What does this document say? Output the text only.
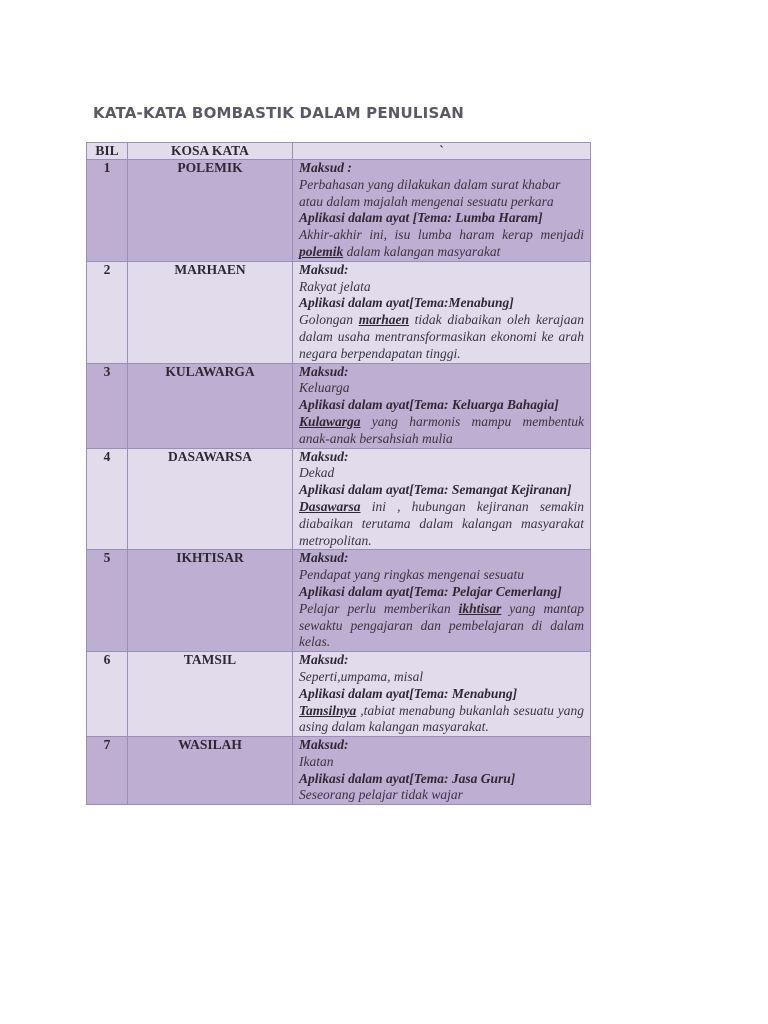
KATA-KATA BOMBASTIK DALAM PENULISAN
BIL	KOSA KATA	`
1	POLEMIK	Maksud :
Perbahasan yang dilakukan dalam surat khabar atau dalam majalah mengenai sesuatu perkara
Aplikasi dalam ayat [Tema: Lumba Haram]
Akhir-akhir ini, isu lumba haram kerap menjadi polemik dalam kalangan masyarakat

2	MARHAEN	Maksud:
Rakyat jelata
Aplikasi dalam ayat[Tema:Menabung]
Golongan marhaen tidak diabaikan oleh kerajaan dalam usaha mentransformasikan ekonomi ke arah negara berpendapatan tinggi.

3	KULAWARGA	Maksud:
Keluarga
Aplikasi dalam ayat[Tema: Keluarga Bahagia]
Kulawarga yang harmonis mampu membentuk anak-anak bersahsiah mulia

4	DASAWARSA	Maksud:
Dekad
Aplikasi dalam ayat[Tema: Semangat Kejiranan]
Dasawarsa ini , hubungan kejiranan semakin diabaikan terutama dalam kalangan masyarakat metropolitan.

5	IKHTISAR	Maksud:
Pendapat yang ringkas mengenai sesuatu
Aplikasi dalam ayat[Tema: Pelajar Cemerlang]
Pelajar perlu memberikan ikhtisar yang mantap sewaktu pengajaran dan pembelajaran di dalam kelas.

6	TAMSIL	Maksud:
Seperti,umpama, misal
Aplikasi dalam ayat[Tema: Menabung]
Tamsilnya ,tabiat menabung bukanlah sesuatu yang asing dalam kalangan masyarakat.

7	WASILAH	Maksud:
Ikatan
Aplikasi dalam ayat[Tema: Jasa Guru]
Seseorang pelajar tidak wajar
